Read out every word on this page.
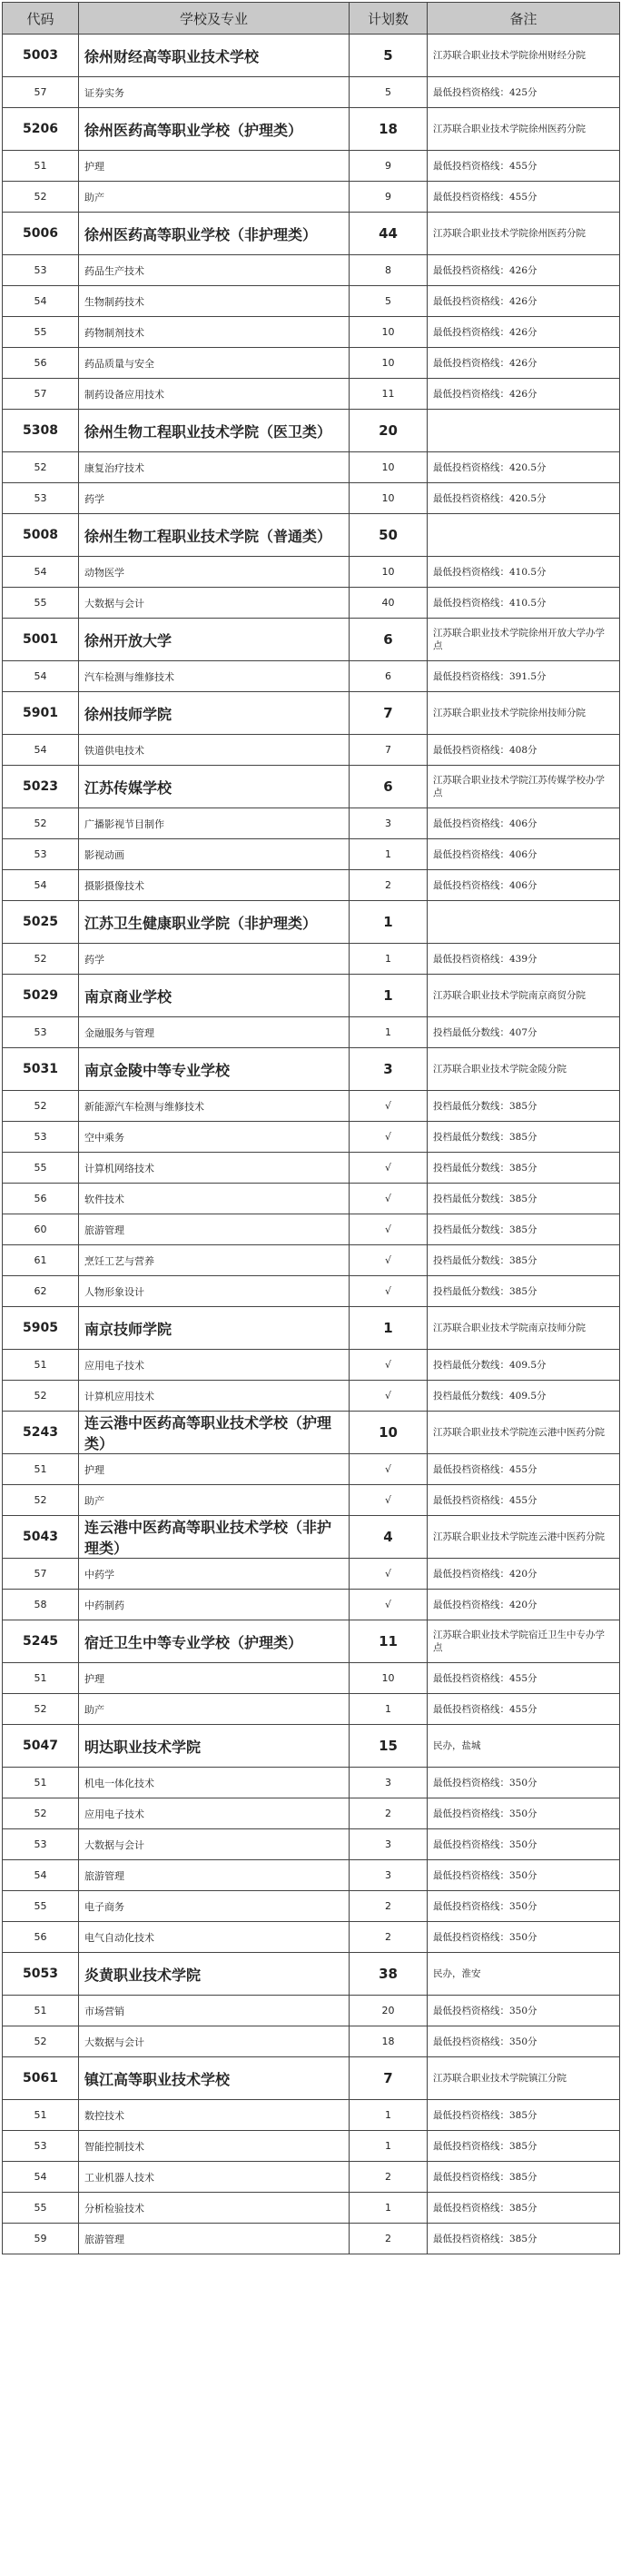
代码	学校及专业	计划数	备注
5003	徐州财经高等职业技术学校	5	江苏联合职业技术学院徐州财经分院
57	证券实务	5	最低投档资格线：425分
5206	徐州医药高等职业学校（护理类）	18	江苏联合职业技术学院徐州医药分院
51	护理	9	最低投档资格线：455分
52	助产	9	最低投档资格线：455分
5006	徐州医药高等职业学校（非护理类）	44	江苏联合职业技术学院徐州医药分院
53	药品生产技术	8	最低投档资格线：426分
54	生物制药技术	5	最低投档资格线：426分
55	药物制剂技术	10	最低投档资格线：426分
56	药品质量与安全	10	最低投档资格线：426分
57	制药设备应用技术	11	最低投档资格线：426分
5308	徐州生物工程职业技术学院（医卫类）	20	
52	康复治疗技术	10	最低投档资格线：420.5分
53	药学	10	最低投档资格线：420.5分
5008	徐州生物工程职业技术学院（普通类）	50	
54	动物医学	10	最低投档资格线：410.5分
55	大数据与会计	40	最低投档资格线：410.5分
5001	徐州开放大学	6	江苏联合职业技术学院徐州开放大学办学点
54	汽车检测与维修技术	6	最低投档资格线：391.5分
5901	徐州技师学院	7	江苏联合职业技术学院徐州技师分院
54	铁道供电技术	7	最低投档资格线：408分
5023	江苏传媒学校	6	江苏联合职业技术学院江苏传媒学校办学点
52	广播影视节目制作	3	最低投档资格线：406分
53	影视动画	1	最低投档资格线：406分
54	摄影摄像技术	2	最低投档资格线：406分
5025	江苏卫生健康职业学院（非护理类）	1	
52	药学	1	最低投档资格线：439分
5029	南京商业学校	1	江苏联合职业技术学院南京商贸分院
53	金融服务与管理	1	投档最低分数线：407分
5031	南京金陵中等专业学校	3	江苏联合职业技术学院金陵分院
52	新能源汽车检测与维修技术	√	投档最低分数线：385分
53	空中乘务	√	投档最低分数线：385分
55	计算机网络技术	√	投档最低分数线：385分
56	软件技术	√	投档最低分数线：385分
60	旅游管理	√	投档最低分数线：385分
61	烹饪工艺与营养	√	投档最低分数线：385分
62	人物形象设计	√	投档最低分数线：385分
5905	南京技师学院	1	江苏联合职业技术学院南京技师分院
51	应用电子技术	√	投档最低分数线：409.5分
52	计算机应用技术	√	投档最低分数线：409.5分
5243	连云港中医药高等职业技术学校（护理类）	10	江苏联合职业技术学院连云港中医药分院
51	护理	√	最低投档资格线：455分
52	助产	√	最低投档资格线：455分
5043	连云港中医药高等职业技术学校（非护理类）	4	江苏联合职业技术学院连云港中医药分院
57	中药学	√	最低投档资格线：420分
58	中药制药	√	最低投档资格线：420分
5245	宿迁卫生中等专业学校（护理类）	11	江苏联合职业技术学院宿迁卫生中专办学点
51	护理	10	最低投档资格线：455分
52	助产	1	最低投档资格线：455分
5047	明达职业技术学院	15	民办，盐城
51	机电一体化技术	3	最低投档资格线：350分
52	应用电子技术	2	最低投档资格线：350分
53	大数据与会计	3	最低投档资格线：350分
54	旅游管理	3	最低投档资格线：350分
55	电子商务	2	最低投档资格线：350分
56	电气自动化技术	2	最低投档资格线：350分
5053	炎黄职业技术学院	38	民办，淮安
51	市场营销	20	最低投档资格线：350分
52	大数据与会计	18	最低投档资格线：350分
5061	镇江高等职业技术学校	7	江苏联合职业技术学院镇江分院
51	数控技术	1	最低投档资格线：385分
53	智能控制技术	1	最低投档资格线：385分
54	工业机器人技术	2	最低投档资格线：385分
55	分析检验技术	1	最低投档资格线：385分
59	旅游管理	2	最低投档资格线：385分
